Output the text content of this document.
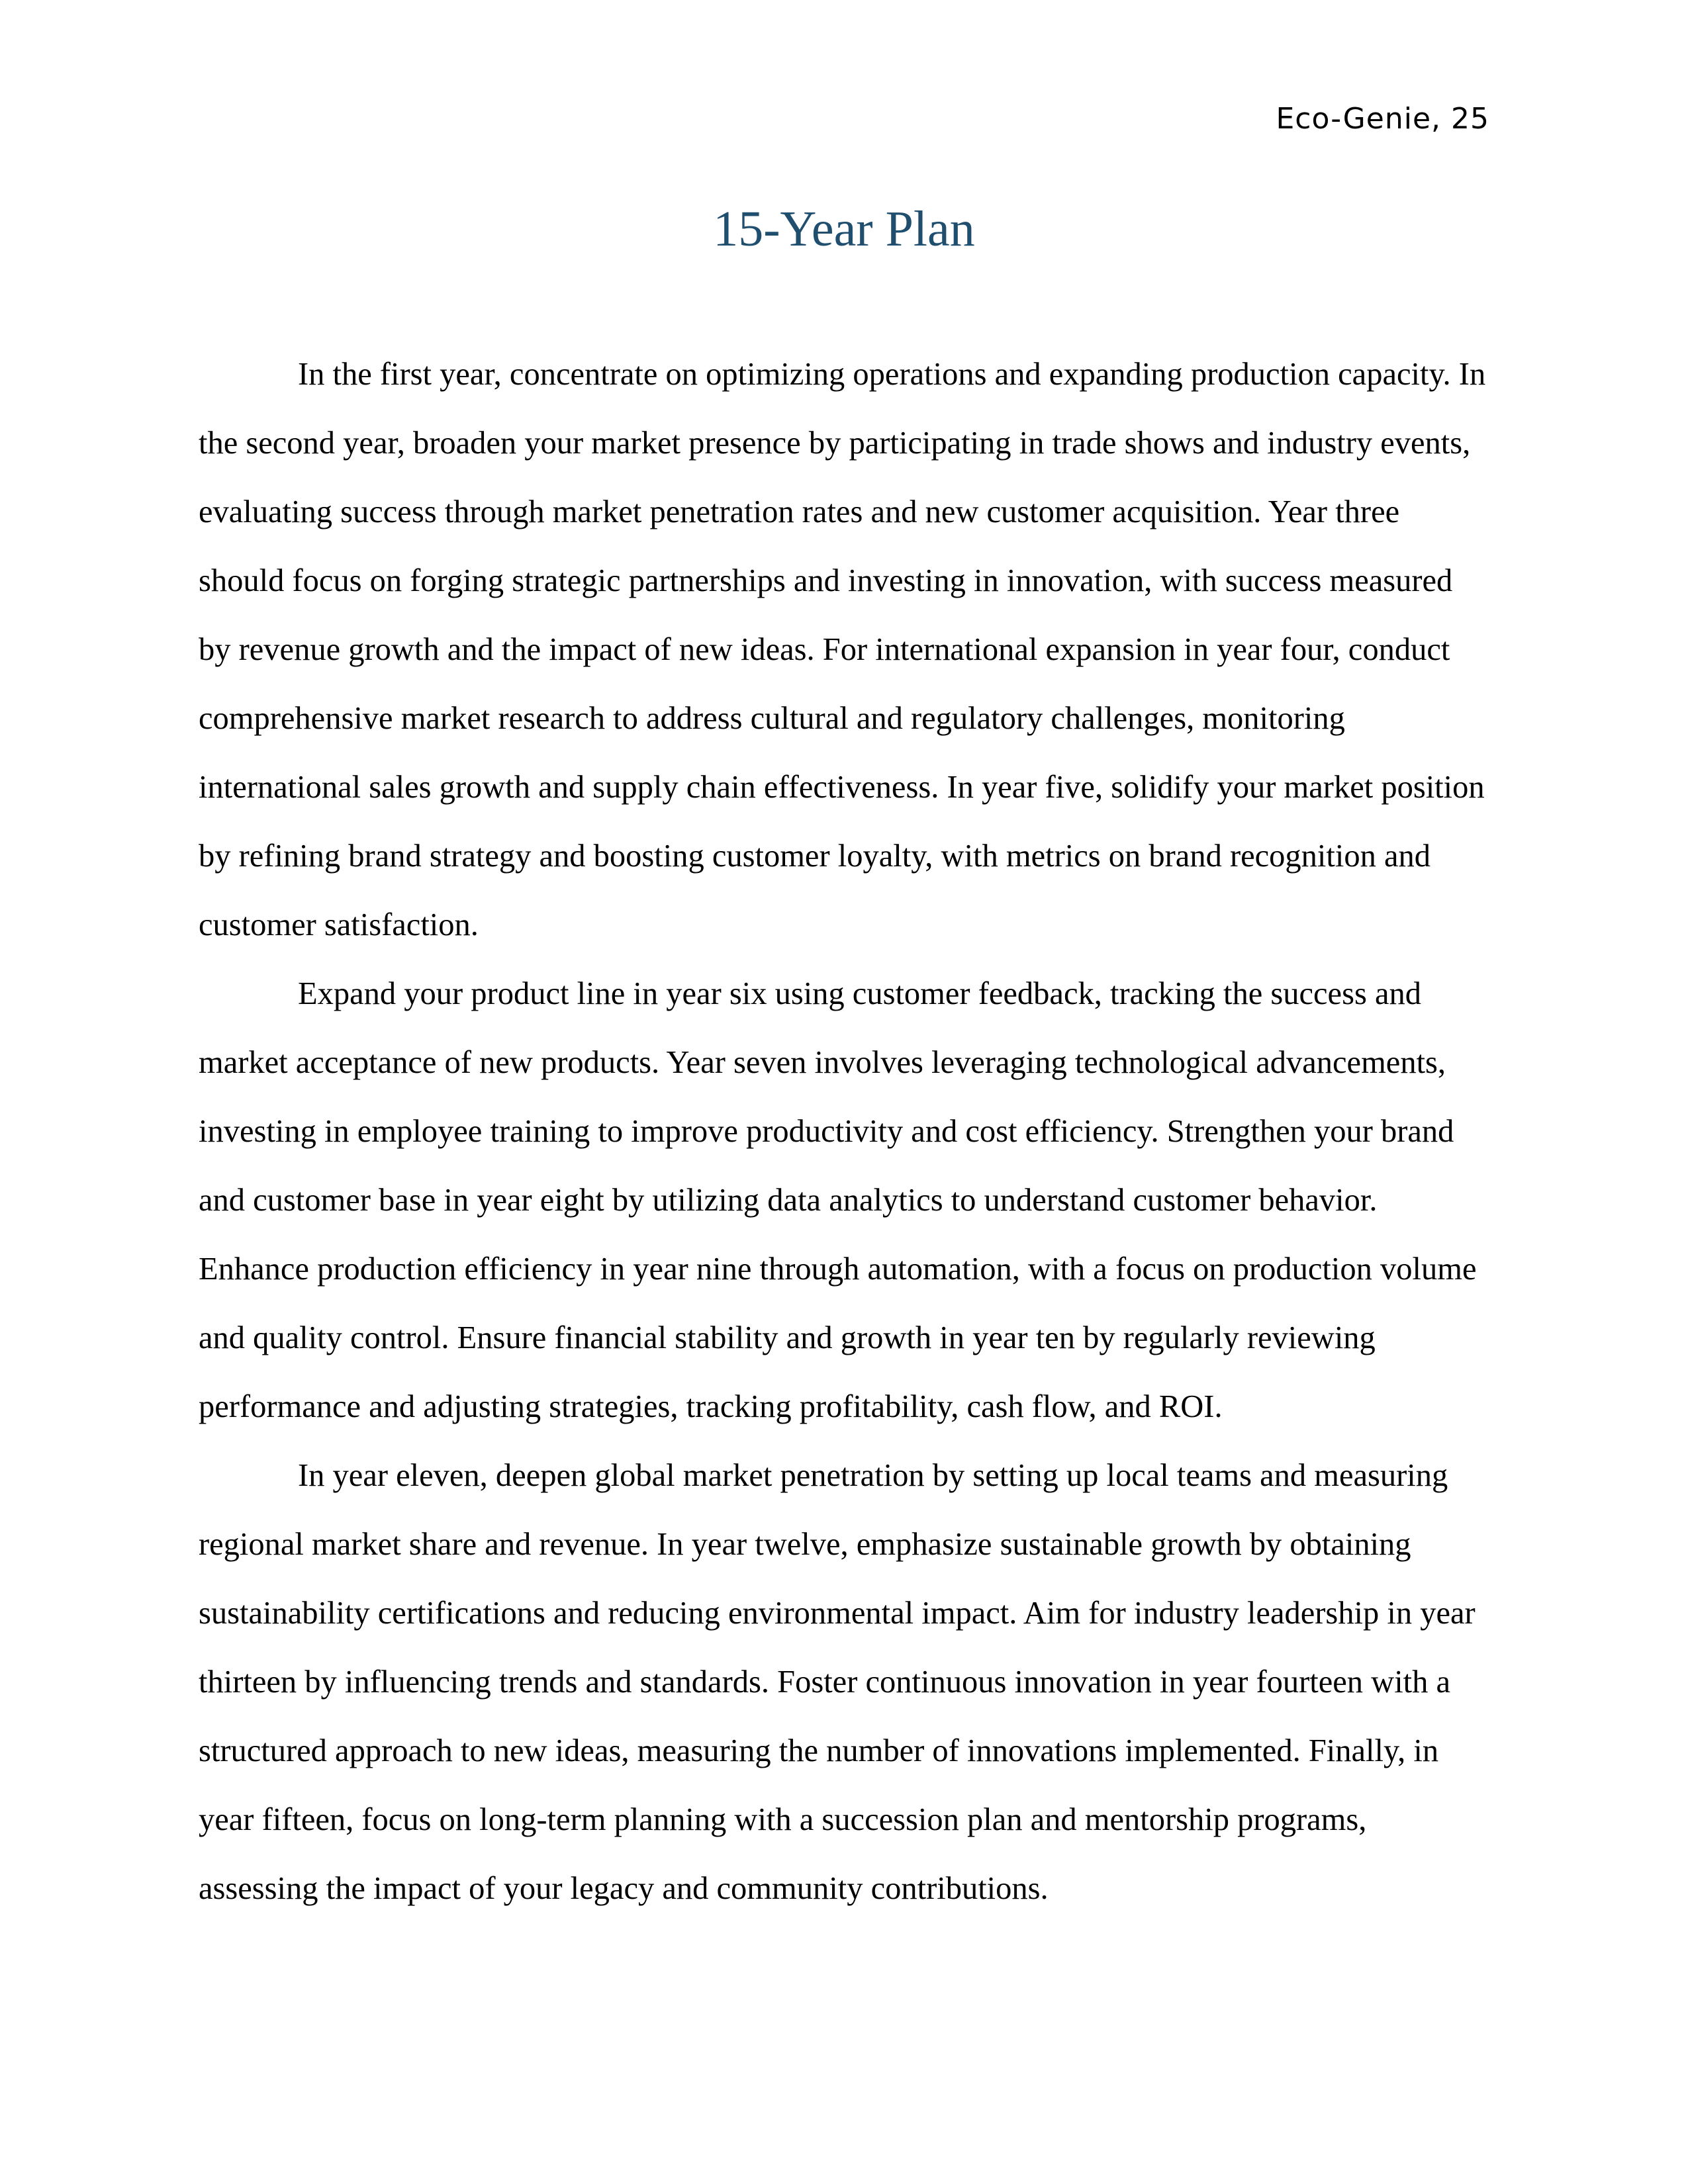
Eco-Genie, 25
15-Year Plan

In the first year, concentrate on optimizing operations and expanding production capacity. In the second year, broaden your market presence by participating in trade shows and industry events, evaluating success through market penetration rates and new customer acquisition. Year three should focus on forging strategic partnerships and investing in innovation, with success measured by revenue growth and the impact of new ideas. For international expansion in year four, conduct comprehensive market research to address cultural and regulatory challenges, monitoring international sales growth and supply chain effectiveness. In year five, solidify your market position by refining brand strategy and boosting customer loyalty, with metrics on brand recognition and customer satisfaction.

Expand your product line in year six using customer feedback, tracking the success and market acceptance of new products. Year seven involves leveraging technological advancements, investing in employee training to improve productivity and cost efficiency. Strengthen your brand and customer base in year eight by utilizing data analytics to understand customer behavior. Enhance production efficiency in year nine through automation, with a focus on production volume and quality control. Ensure financial stability and growth in year ten by regularly reviewing performance and adjusting strategies, tracking profitability, cash flow, and ROI.

In year eleven, deepen global market penetration by setting up local teams and measuring regional market share and revenue. In year twelve, emphasize sustainable growth by obtaining sustainability certifications and reducing environmental impact. Aim for industry leadership in year thirteen by influencing trends and standards. Foster continuous innovation in year fourteen with a structured approach to new ideas, measuring the number of innovations implemented. Finally, in year fifteen, focus on long-term planning with a succession plan and mentorship programs, assessing the impact of your legacy and community contributions.
